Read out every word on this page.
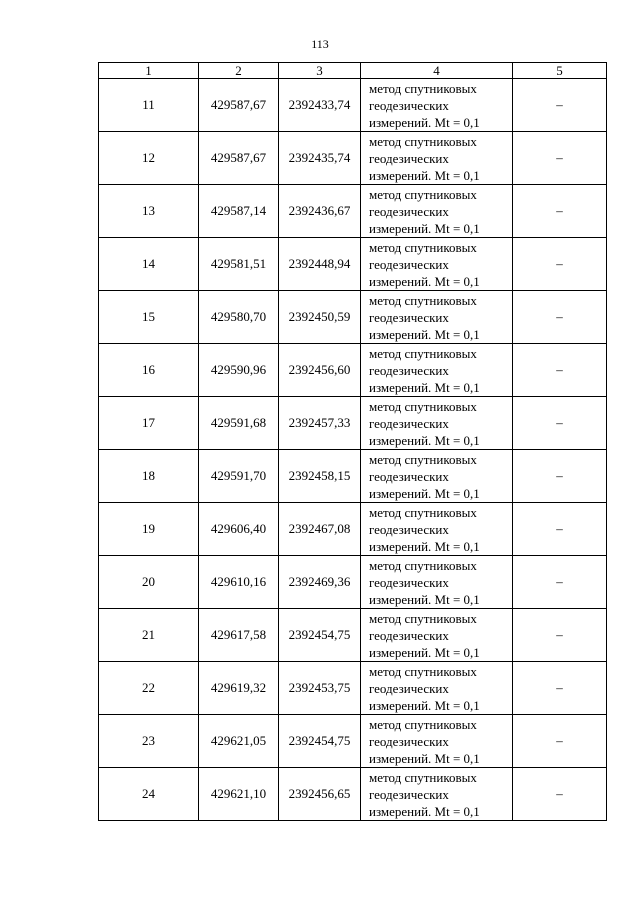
113
1	2	3	4	5
11	429587,67	2392433,74	метод спутниковых геодезических измерений. Mt = 0,1	–
12	429587,67	2392435,74	метод спутниковых геодезических измерений. Mt = 0,1	–
13	429587,14	2392436,67	метод спутниковых геодезических измерений. Mt = 0,1	–
14	429581,51	2392448,94	метод спутниковых геодезических измерений. Mt = 0,1	–
15	429580,70	2392450,59	метод спутниковых геодезических измерений. Mt = 0,1	–
16	429590,96	2392456,60	метод спутниковых геодезических измерений. Mt = 0,1	–
17	429591,68	2392457,33	метод спутниковых геодезических измерений. Mt = 0,1	–
18	429591,70	2392458,15	метод спутниковых геодезических измерений. Mt = 0,1	–
19	429606,40	2392467,08	метод спутниковых геодезических измерений. Mt = 0,1	–
20	429610,16	2392469,36	метод спутниковых геодезических измерений. Mt = 0,1	–
21	429617,58	2392454,75	метод спутниковых геодезических измерений. Mt = 0,1	–
22	429619,32	2392453,75	метод спутниковых геодезических измерений. Mt = 0,1	–
23	429621,05	2392454,75	метод спутниковых геодезических измерений. Mt = 0,1	–
24	429621,10	2392456,65	метод спутниковых геодезических измерений. Mt = 0,1	–
